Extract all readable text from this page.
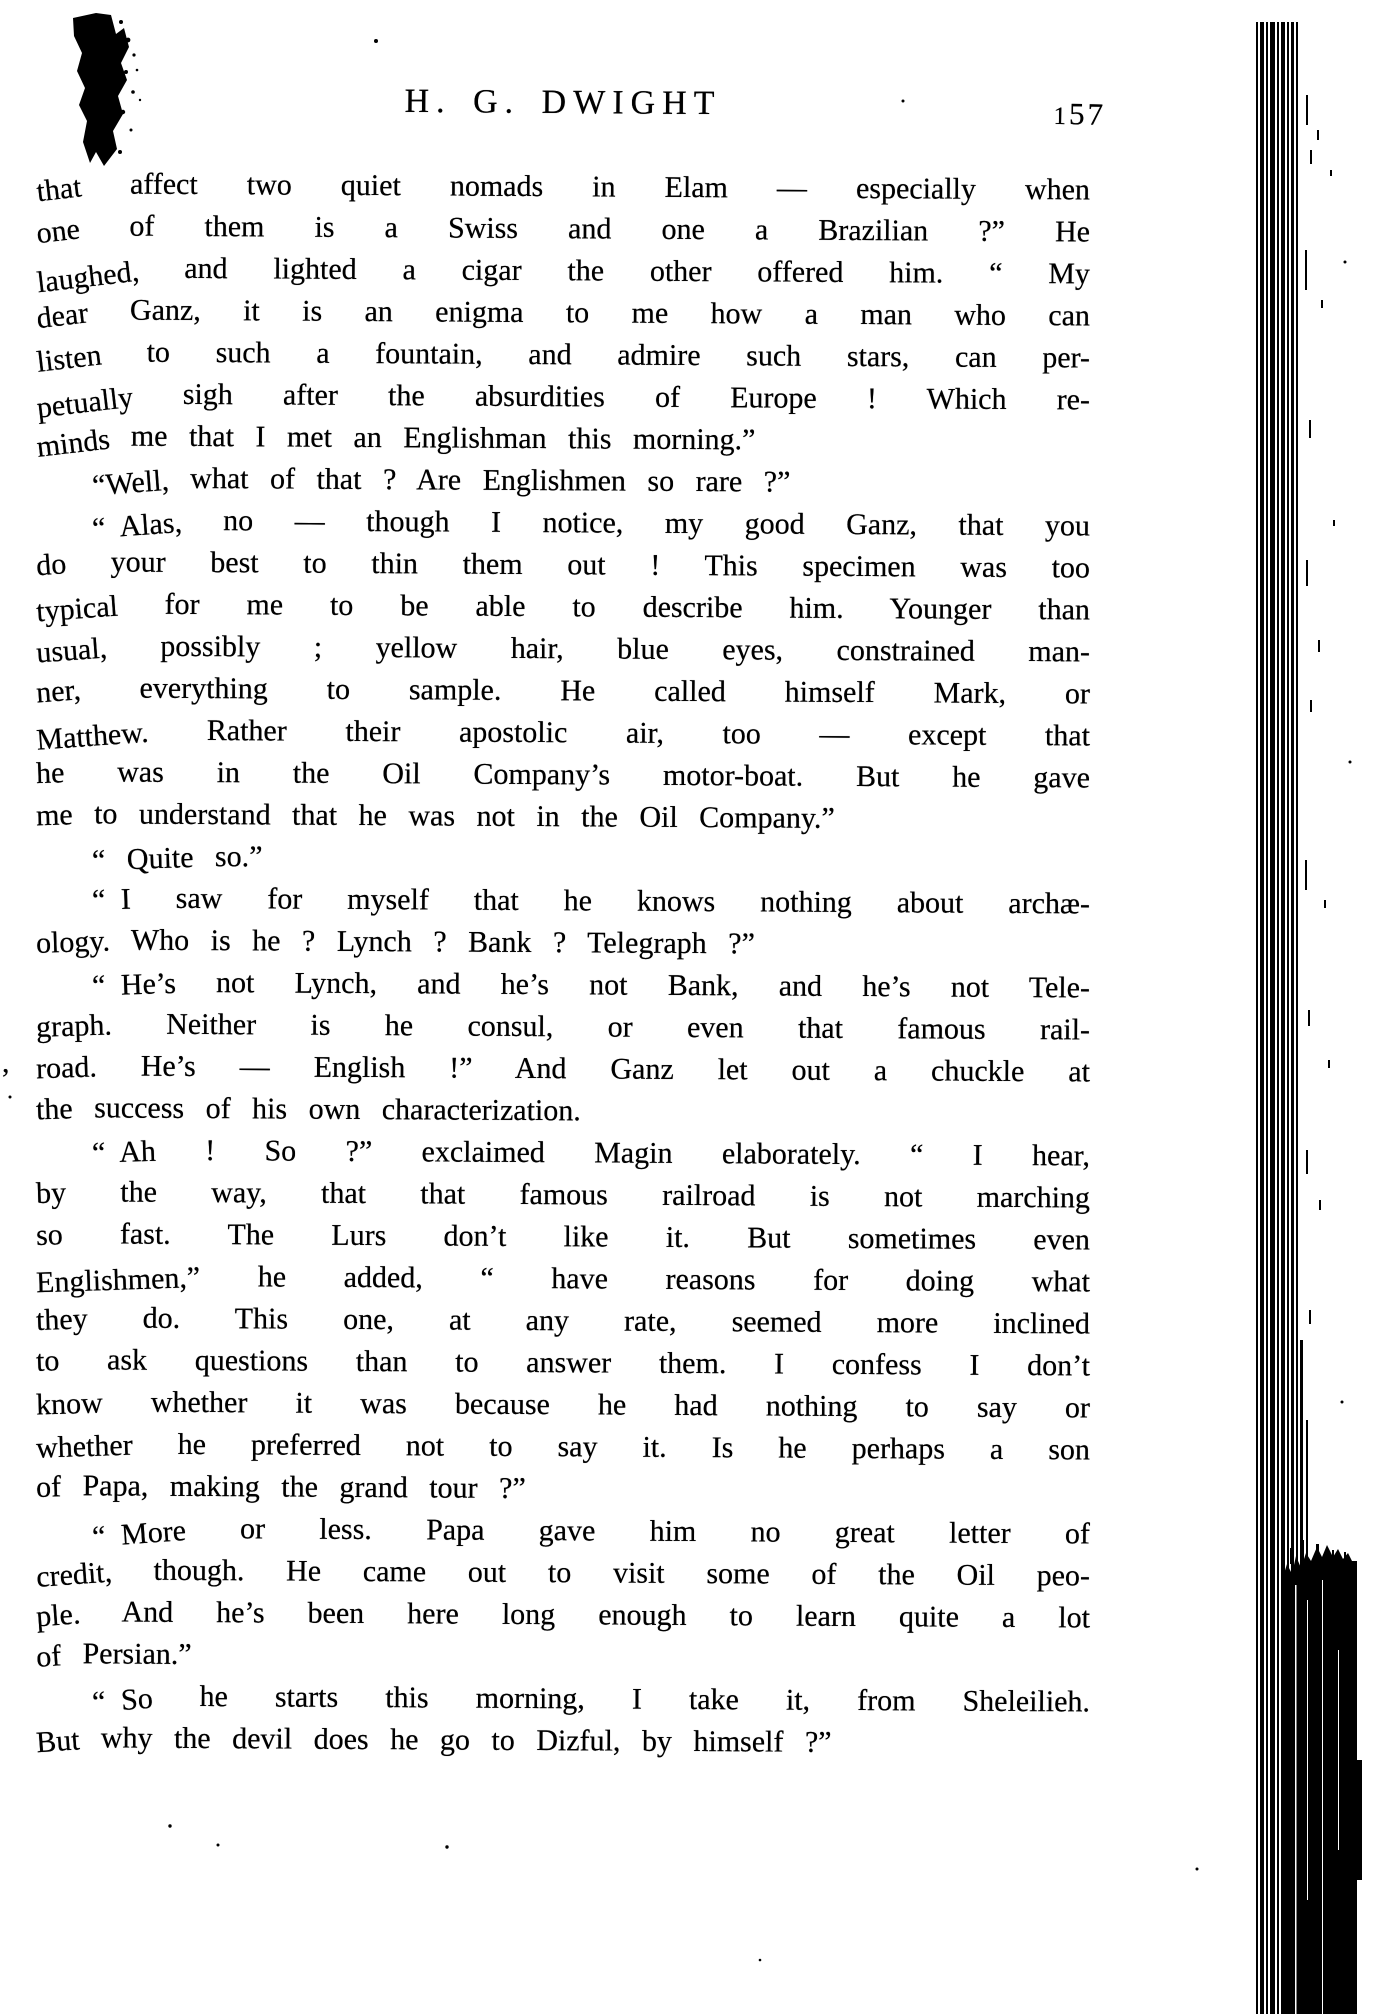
,
H. G. DWIGHT	157
that affect two quiet nomads in Elam — especially when
one of them is a Swiss and one a Brazilian ?” He
laughed, and lighted a cigar the other offered him. “ My
dear Ganz, it is an enigma to me how a man who can
listen to such a fountain, and admire such stars, can per-
petually sigh after the absurdities of Europe ! Which re-
minds me that I met an Englishman this morning.”
“Well, what of that ? Are Englishmen so rare ?”
“ Alas, no — though I notice, my good Ganz, that you
do your best to thin them out ! This specimen was too
typical for me to be able to describe him. Younger than
usual, possibly ; yellow hair, blue eyes, constrained man-
ner, everything to sample. He called himself Mark, or
Matthew. Rather their apostolic air, too — except that
he was in the Oil Company’s motor-boat. But he gave
me to understand that he was not in the Oil Company.”
“ Quite so.”
“ I saw for myself that he knows nothing about archæ-
ology. Who is he ? Lynch ? Bank ? Telegraph ?”
“ He’s not Lynch, and he’s not Bank, and he’s not Tele-
graph. Neither is he consul, or even that famous rail-
road. He’s — English !” And Ganz let out a chuckle at
the success of his own characterization.
“ Ah ! So ?” exclaimed Magin elaborately. “ I hear,
by the way, that that famous railroad is not marching
so fast. The Lurs don’t like it. But sometimes even
Englishmen,” he added, “ have reasons for doing what
they do. This one, at any rate, seemed more inclined
to ask questions than to answer them. I confess I don’t
know whether it was because he had nothing to say or
whether he preferred not to say it. Is he perhaps a son
of Papa, making the grand tour ?”
“ More or less. Papa gave him no great letter of
credit, though. He came out to visit some of the Oil peo-
ple. And he’s been here long enough to learn quite a lot
of Persian.”
“ So he starts this morning, I take it, from Sheleilieh.
But why the devil does he go to Dizful, by himself ?”
